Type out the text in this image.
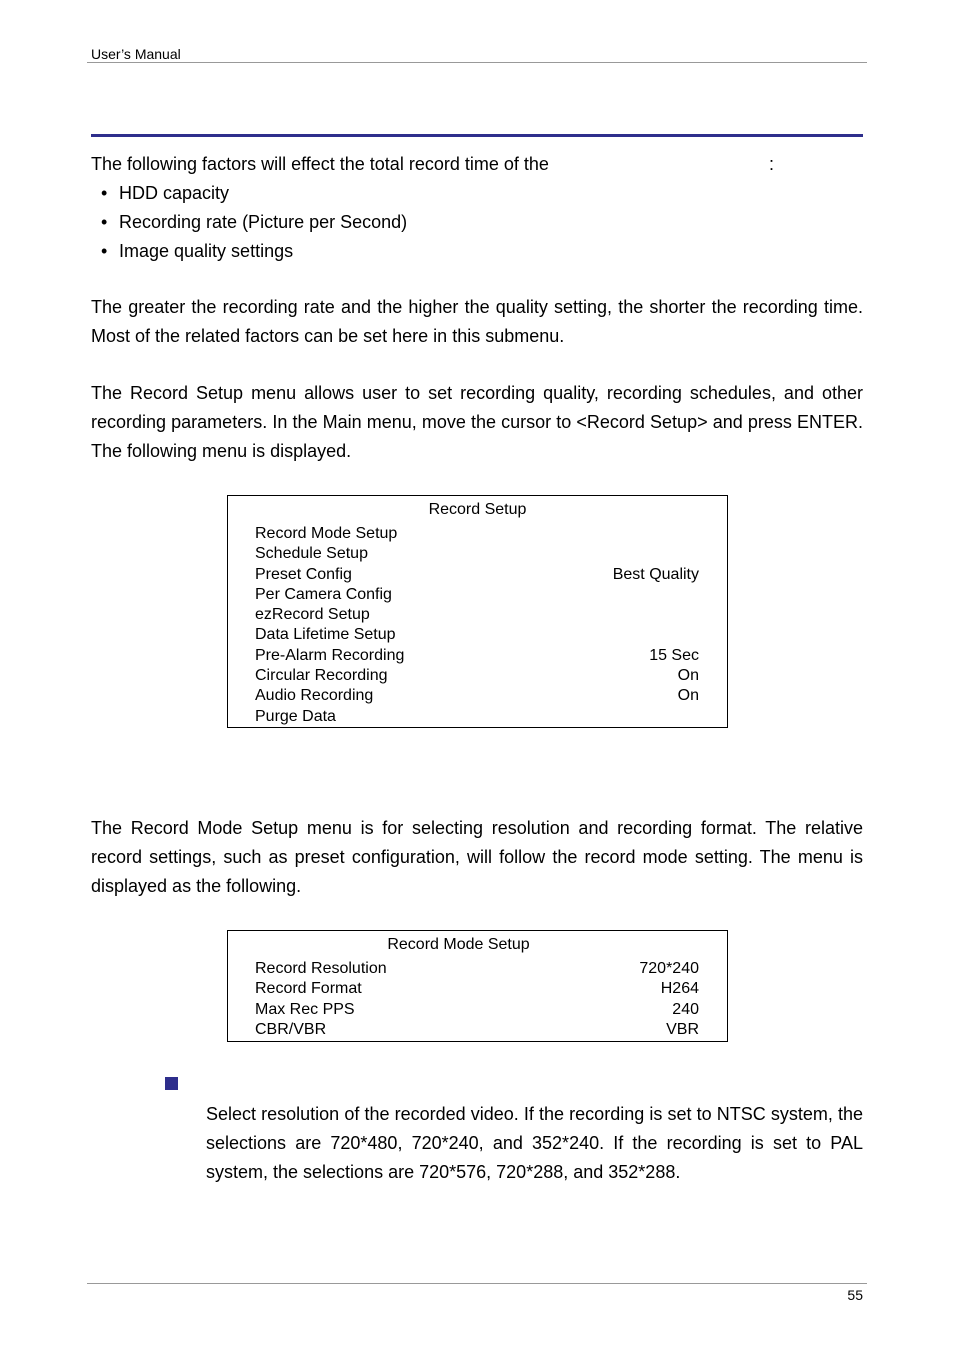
User’s Manual
The following factors will effect the total record time of the	:
• HDD capacity
• Recording rate (Picture per Second)
• Image quality settings

The greater the recording rate and the higher the quality setting, the shorter the recording time. Most of the related factors can be set here in this submenu.

The Record Setup menu allows user to set recording quality, recording schedules, and other recording parameters. In the Main menu, move the cursor to <Record Setup> and press ENTER. The following menu is displayed.

Record Setup
Record Mode Setup
Schedule Setup
Preset Config	Best Quality
Per Camera Config
ezRecord Setup
Data Lifetime Setup
Pre-Alarm Recording	15 Sec
Circular Recording	On
Audio Recording	On
Purge Data

The Record Mode Setup menu is for selecting resolution and recording format. The relative record settings, such as preset configuration, will follow the record mode setting. The menu is displayed as the following.

Record Mode Setup
Record Resolution	720*240
Record Format	H264
Max Rec PPS	240
CBR/VBR	VBR

Select resolution of the recorded video. If the recording is set to NTSC system, the selections are 720*480, 720*240, and 352*240. If the recording is set to PAL system, the selections are 720*576, 720*288, and 352*288.

55
